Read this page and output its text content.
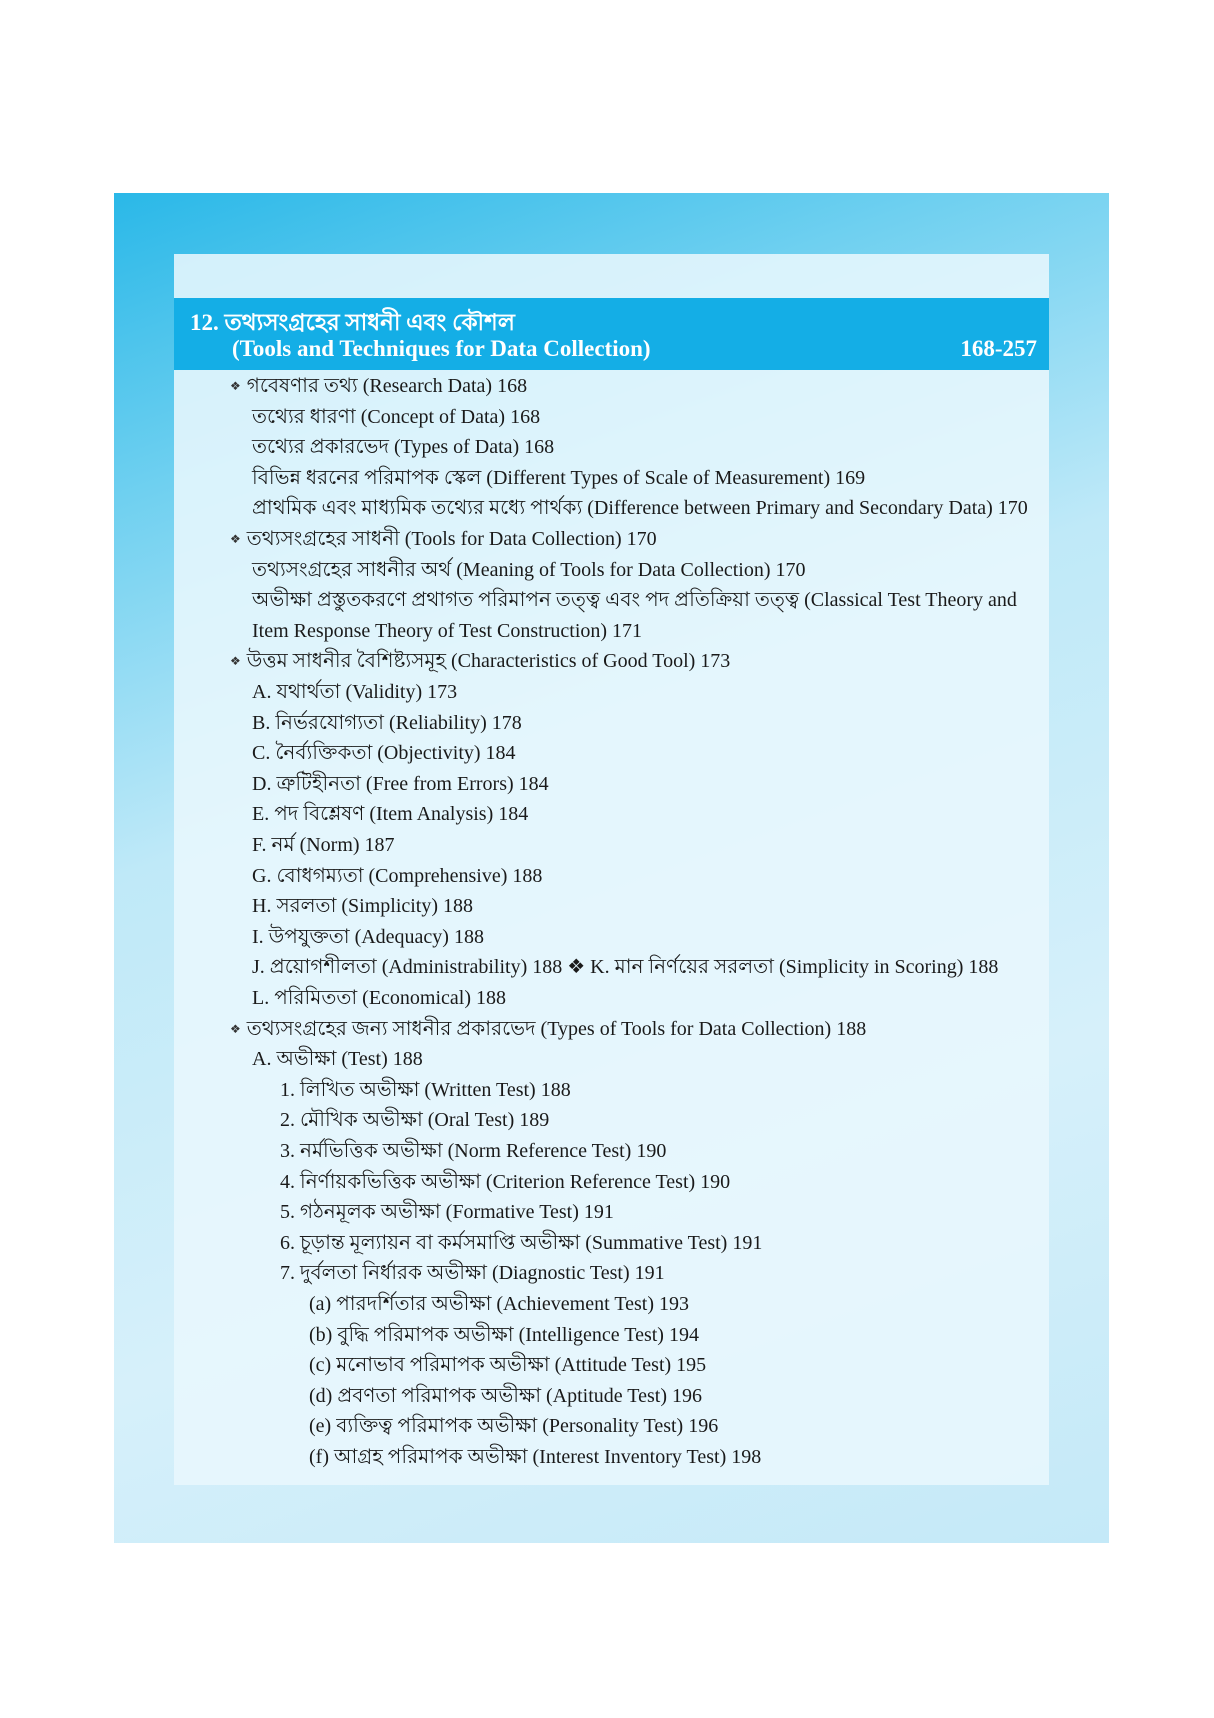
12. তথ্যসংগ্রহের সাধনী এবং কৌশল
(Tools and Techniques for Data Collection)	168-257
❖ গবেষণার তথ্য (Research Data) 168
তথ্যের ধারণা (Concept of Data) 168
তথ্যের প্রকারভেদ (Types of Data) 168
বিভিন্ন ধরনের পরিমাপক স্কেল (Different Types of Scale of Measurement) 169
প্রাথমিক এবং মাধ্যমিক তথ্যের মধ্যে পার্থক্য (Difference between Primary and Secondary Data) 170
❖ তথ্যসংগ্রহের সাধনী (Tools for Data Collection) 170
তথ্যসংগ্রহের সাধনীর অর্থ (Meaning of Tools for Data Collection) 170
অভীক্ষা প্রস্তুতকরণে প্রথাগত পরিমাপন তত্ত্ব এবং পদ প্রতিক্রিয়া তত্ত্ব (Classical Test Theory and
Item Response Theory of Test Construction) 171
❖ উত্তম সাধনীর বৈশিষ্ট্যসমূহ (Characteristics of Good Tool) 173
A. যথার্থতা (Validity) 173
B. নির্ভরযোগ্যতা (Reliability) 178
C. নৈর্ব্যক্তিকতা (Objectivity) 184
D. ত্রুটিহীনতা (Free from Errors) 184
E. পদ বিশ্লেষণ (Item Analysis) 184
F. নর্ম (Norm) 187
G. বোধগম্যতা (Comprehensive) 188
H. সরলতা (Simplicity) 188
I. উপযুক্ততা (Adequacy) 188
J. প্রয়োগশীলতা (Administrability) 188 ❖ K. মান নির্ণয়ের সরলতা (Simplicity in Scoring) 188
L. পরিমিততা (Economical) 188
❖ তথ্যসংগ্রহের জন্য সাধনীর প্রকারভেদ (Types of Tools for Data Collection) 188
A. অভীক্ষা (Test) 188
1. লিখিত অভীক্ষা (Written Test) 188
2. মৌখিক অভীক্ষা (Oral Test) 189
3. নর্মভিত্তিক অভীক্ষা (Norm Reference Test) 190
4. নির্ণায়কভিত্তিক অভীক্ষা (Criterion Reference Test) 190
5. গঠনমূলক অভীক্ষা (Formative Test) 191
6. চূড়ান্ত মূল্যায়ন বা কর্মসমাপ্তি অভীক্ষা (Summative Test) 191
7. দুর্বলতা নির্ধারক অভীক্ষা (Diagnostic Test) 191
(a) পারদর্শিতার অভীক্ষা (Achievement Test) 193
(b) বুদ্ধি পরিমাপক অভীক্ষা (Intelligence Test) 194
(c) মনোভাব পরিমাপক অভীক্ষা (Attitude Test) 195
(d) প্রবণতা পরিমাপক অভীক্ষা (Aptitude Test) 196
(e) ব্যক্তিত্ব পরিমাপক অভীক্ষা (Personality Test) 196
(f) আগ্রহ পরিমাপক অভীক্ষা (Interest Inventory Test) 198
